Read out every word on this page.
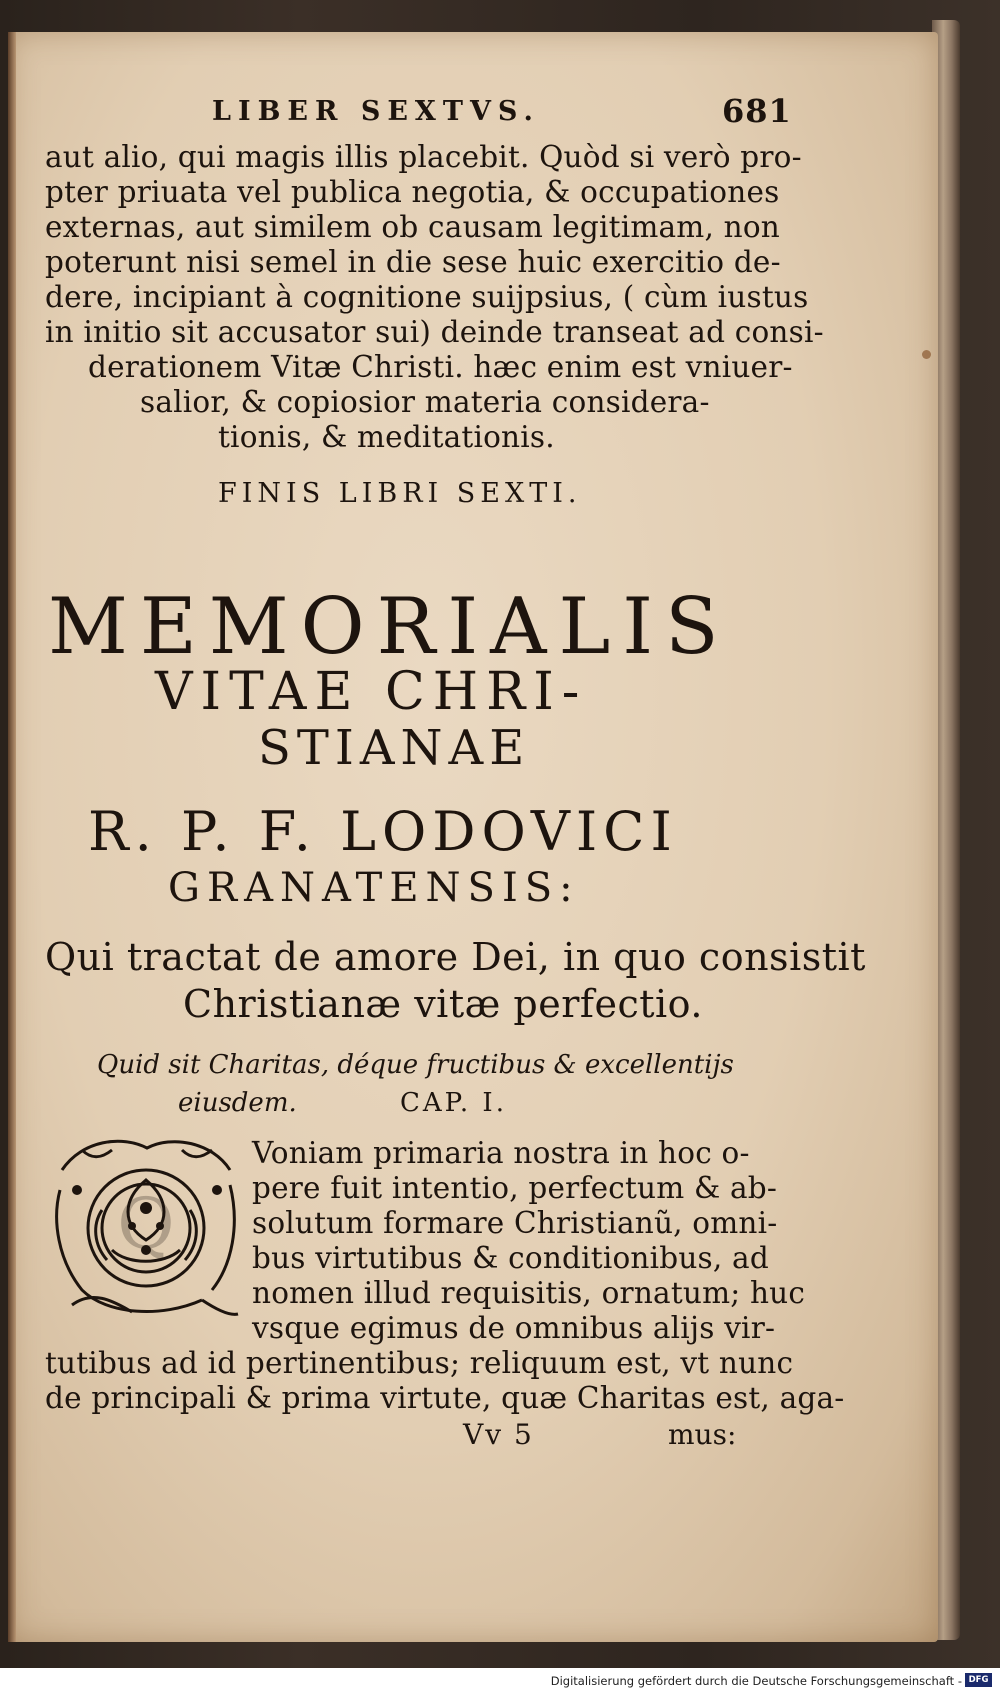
LIBER SEXTVS.	681
aut alio, qui magis illis placebit. Quòd si verò pro-
pter priuata vel publica negotia, & occupationes
externas, aut similem ob causam legitimam, non
poterunt nisi semel in die sese huic exercitio de-
dere, incipiant à cognitione suijpsius, ( cùm iustus
in initio sit accusator sui) deinde transeat ad consi-
derationem Vitæ Christi. hæc enim est vniuer-
salior, & copiosior materia considera-
tionis, & meditationis.
FINIS LIBRI SEXTI.
MEMORIALIS
VITAE CHRI-
STIANAE
R. P. F. LODOVICI
GRANATENSIS:
Qui tractat de amore Dei, in quo consistit
Christianæ vitæ perfectio.
Quid sit Charitas, déque fructibus & excellentijs
eiusdem.	CAP. I.
Q
Voniam primaria nostra in hoc o-
pere fuit intentio, perfectum & ab-
solutum formare Christianũ, omni-
bus virtutibus & conditionibus, ad
nomen illud requisitis, ornatum; huc
vsque egimus de omnibus alijs vir-
tutibus ad id pertinentibus; reliquum est, vt nunc
de principali & prima virtute, quæ Charitas est, aga-
Vv 5	mus:
Digitalisierung gefördert durch die Deutsche Forschungsgemeinschaft - DFG
